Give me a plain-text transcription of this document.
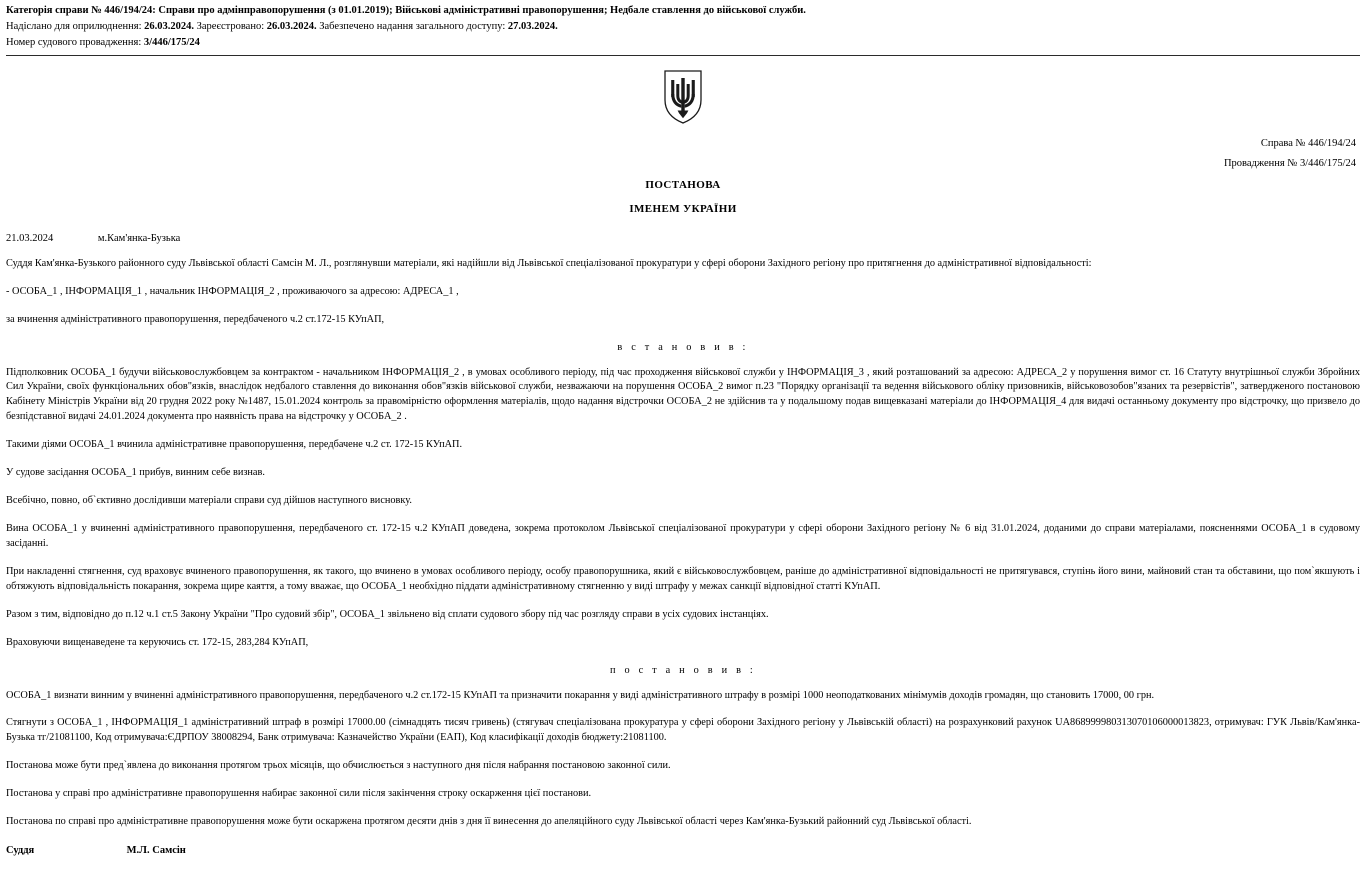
Категорія справи № 446/194/24: Справи про адмінправопорушення (з 01.01.2019); Військові адміністративні правопорушення; Недбале ставлення до військової служби.
Надіслано для оприлюднення: 26.03.2024. Зареєстровано: 26.03.2024. Забезпечено надання загального доступу: 27.03.2024.
Номер судового провадження: 3/446/175/24
Справа № 446/194/24
Провадження № 3/446/175/24
ПОСТАНОВА
ІМЕНЕМ УКРАЇНИ
21.03.2024	м.Кам'янка-Бузька

Суддя Кам'янка-Бузького районного суду Львівської області Самсін М. Л., розглянувши матеріали, які надійшли від Львівської спеціалізованої прокуратури у сфері оборони Західного регіону про притягнення до адміністративної відповідальності:

- ОСОБА_1 , ІНФОРМАЦІЯ_1 , начальник ІНФОРМАЦІЯ_2 , проживаючого за адресою: АДРЕСА_1 ,

за вчинення адміністративного правопорушення, передбаченого ч.2 ст.172-15 КУпАП,

в с т а н о в и в :

Підполковник ОСОБА_1 будучи військовослужбовцем за контрактом - начальником ІНФОРМАЦІЯ_2 , в умовах особливого періоду, під час проходження військової служби у ІНФОРМАЦІЯ_3 , який розташований за адресою: АДРЕСА_2 у порушення вимог ст. 16 Статуту внутрішньої служби Збройних Сил України, своїх функціональних обов"язків, внаслідок недбалого ставлення до виконання обов"язків військової служби, незважаючи на порушення ОСОБА_2 вимог п.23 "Порядку організації та ведення військового обліку призовників, військовозобов"язаних та резервістів", затвердженого постановою Кабінету Міністрів України від 20 грудня 2022 року №1487, 15.01.2024 контроль за правомірністю оформлення матеріалів, щодо надання відстрочки ОСОБА_2 не здійснив та у подальшому подав вищевказані матеріали до ІНФОРМАЦІЯ_4 для видачі останньому документу про відстрочку, що призвело до безпідставної видачі 24.01.2024 документа про наявність права на відстрочку у ОСОБА_2 .

Такими діями ОСОБА_1 вчинила адміністративне правопорушення, передбачене ч.2 ст. 172-15 КУпАП.

У судове засідання ОСОБА_1 прибув, винним себе визнав.

Всебічно, повно, об`єктивно дослідивши матеріали справи суд дійшов наступного висновку.

Вина ОСОБА_1 у вчиненні адміністративного правопорушення, передбаченого ст. 172-15 ч.2 КУпАП доведена, зокрема протоколом Львівської спеціалізованої прокуратури у сфері оборони Західного регіону № 6 від 31.01.2024, доданими до справи матеріалами, поясненнями ОСОБА_1 в судовому засіданні.

При накладенні стягнення, суд враховує вчиненого правопорушення, як такого, що вчинено в умовах особливого періоду, особу правопорушника, який є військовослужбовцем, раніше до адміністративної відповідальності не притягувався, ступінь його вини, майновий стан та обставини, що пом`якшують і обтяжують відповідальність покарання, зокрема щире каяття, а тому вважає, що ОСОБА_1 необхідно піддати адміністративному стягненню у виді штрафу у межах санкції відповідної статті КУпАП.

Разом з тим, відповідно до п.12 ч.1 ст.5 Закону України "Про судовий збір", ОСОБА_1 звільнено від сплати судового збору під час розгляду справи в усіх судових інстанціях.

Враховуючи вищенаведене та керуючись ст. 172-15, 283,284 КУпАП,

п о с т а н о в и в :

ОСОБА_1 визнати винним у вчиненні адміністративного правопорушення, передбаченого ч.2 ст.172-15 КУпАП та призначити покарання у виді адміністративного штрафу в розмірі 1000 неоподаткованих мінімумів доходів громадян, що становить 17000, 00 грн.

Стягнути з ОСОБА_1 , ІНФОРМАЦІЯ_1 адміністративний штраф в розмірі 17000.00 (сімнадцять тисяч гривень) (стягувач спеціалізована прокуратура у сфері оборони Західного регіону у Львівській області) на розрахунковий рахунок UA868999980313070106000013823, отримувач: ГУК Львів/Кам'янка-Бузька тг/21081100, Код отримувача:ЄДРПОУ 38008294, Банк отримувача: Казначейство України (ЕАП), Код класифікації доходів бюджету:21081100.

Постанова може бути пред`явлена до виконання протягом трьох місяців, що обчислюється з наступного дня після набрання постановою законної сили.

Постанова у справі про адміністративне правопорушення набирає законної сили після закінчення строку оскарження цієї постанови.

Постанова по справі про адміністративне правопорушення може бути оскаржена протягом десяти днів з дня її винесення до апеляційного суду Львівської області через Кам'янка-Бузький районний суд Львівської області.

Суддя	М.Л. Самсін
